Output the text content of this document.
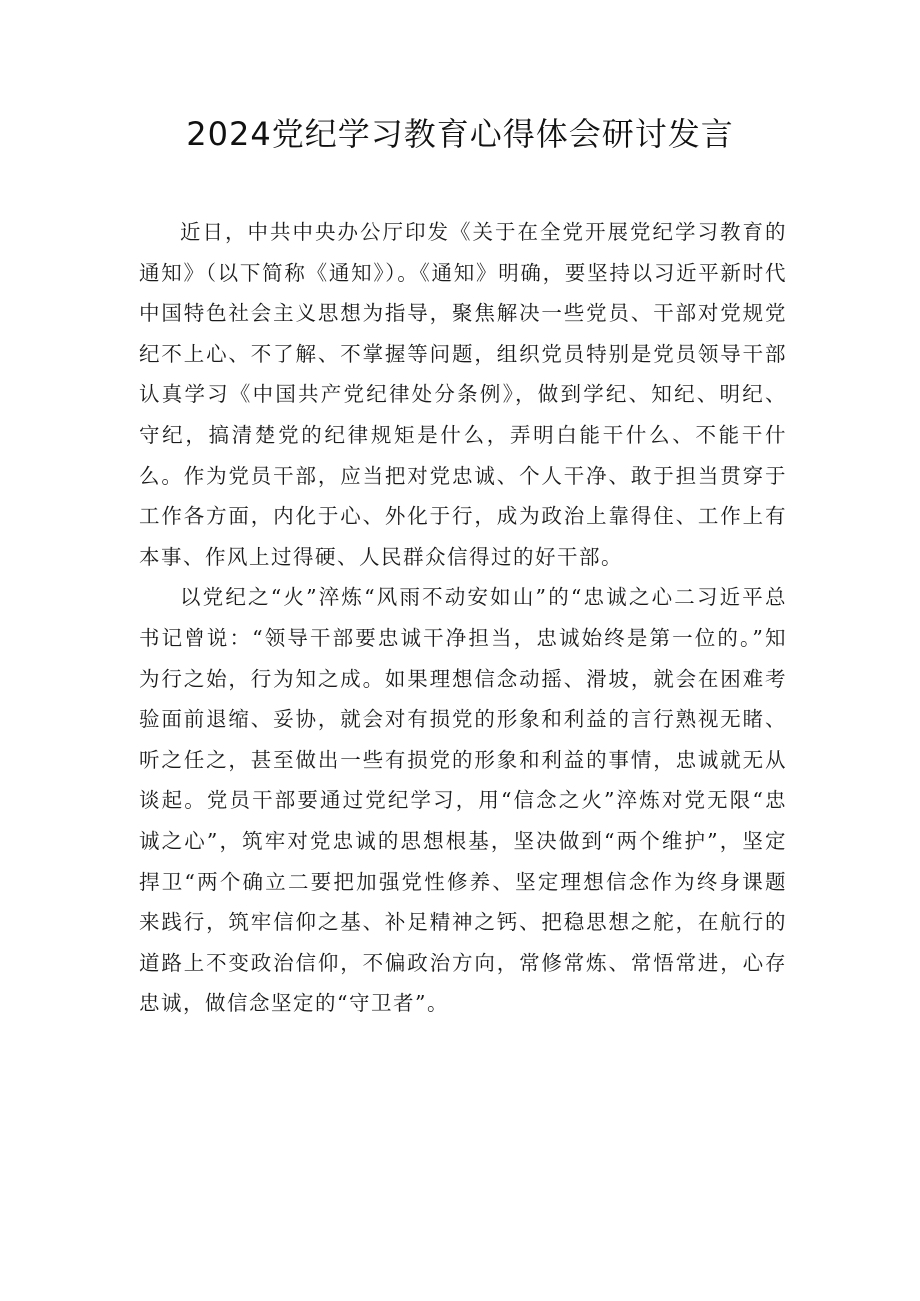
2024党纪学习教育心得体会研讨发言

近日，中共中央办公厅印发《关于在全党开展党纪学习教育的通知》（以下简称《通知》）。《通知》明确，要坚持以习近平新时代中国特色社会主义思想为指导，聚焦解决一些党员、干部对党规党纪不上心、不了解、不掌握等问题，组织党员特别是党员领导干部认真学习《中国共产党纪律处分条例》，做到学纪、知纪、明纪、守纪，搞清楚党的纪律规矩是什么，弄明白能干什么、不能干什么。作为党员干部，应当把对党忠诚、个人干净、敢于担当贯穿于工作各方面，内化于心、外化于行，成为政治上靠得住、工作上有本事、作风上过得硬、人民群众信得过的好干部。

以党纪之“火”淬炼“风雨不动安如山”的“忠诚之心二习近平总书记曾说：“领导干部要忠诚干净担当，忠诚始终是第一位的。”知为行之始，行为知之成。如果理想信念动摇、滑坡，就会在困难考验面前退缩、妥协，就会对有损党的形象和利益的言行熟视无睹、听之任之，甚至做出一些有损党的形象和利益的事情，忠诚就无从谈起。党员干部要通过党纪学习，用“信念之火”淬炼对党无限“忠诚之心”，筑牢对党忠诚的思想根基，坚决做到“两个维护”，坚定捍卫“两个确立二要把加强党性修养、坚定理想信念作为终身课题来践行，筑牢信仰之基、补足精神之钙、把稳思想之舵，在航行的道路上不变政治信仰，不偏政治方向，常修常炼、常悟常进，心存忠诚，做信念坚定的“守卫者”。
